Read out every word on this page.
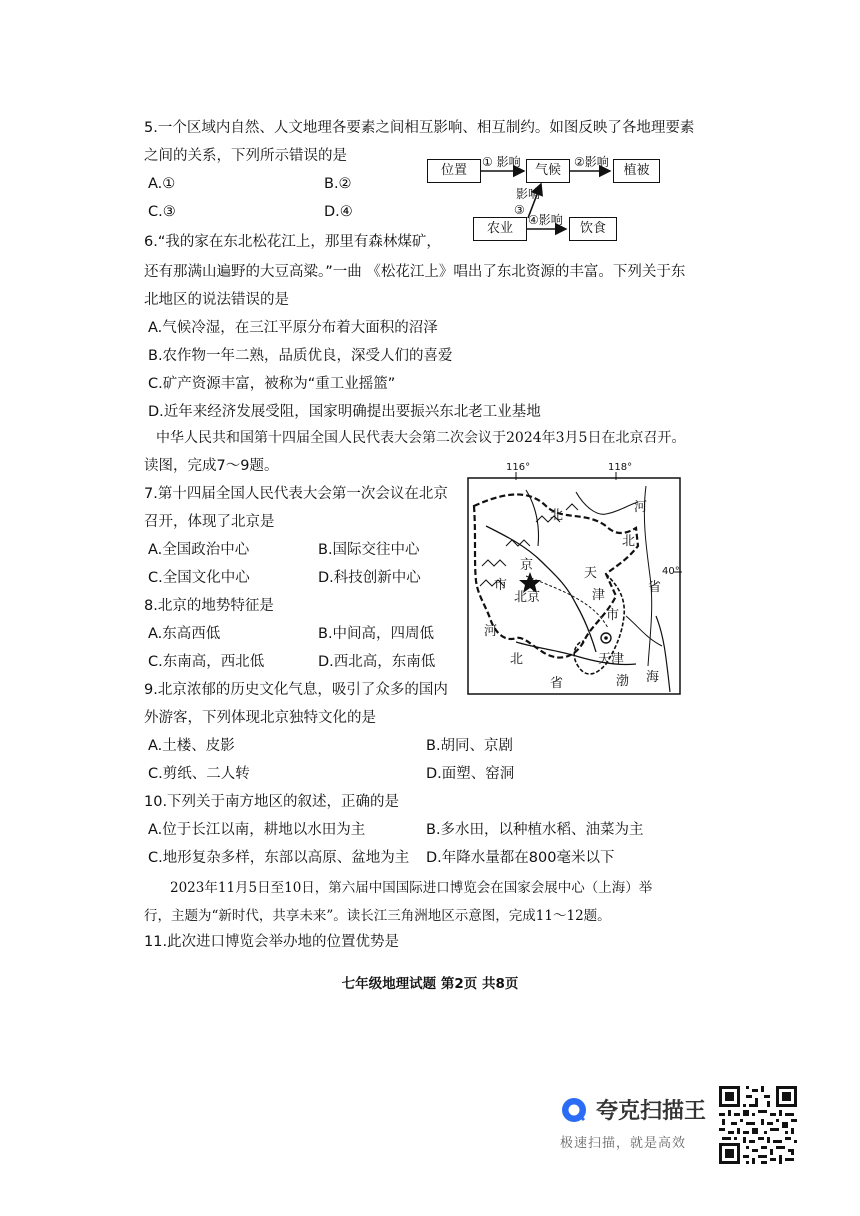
5.一个区域内自然、人文地理各要素之间相互影响、相互制约。如图反映了各地理要素
之间的关系，下列所示错误的是
A.①	B.②
C.③	D.④
位置	气候	植被
农业	饮食
① 影响	②影响
影响
③
④影响
6.“我的家在东北松花江上，那里有森林煤矿，
还有那满山遍野的大豆高粱。”一曲 《松花江上》唱出了东北资源的丰富。下列关于东
北地区的说法错误的是
A.气候冷湿，在三江平原分布着大面积的沼泽
B.农作物一年二熟，品质优良，深受人们的喜爱
C.矿产资源丰富，被称为“重工业摇篮”
D.近年来经济发展受阻，国家明确提出要振兴东北老工业基地
中华人民共和国第十四届全国人民代表大会第二次会议于2024年3月5日在北京召开。
读图，完成7～9题。
7.第十四届全国人民代表大会第一次会议在北京
召开，体现了北京是
A.全国政治中心	B.国际交往中心
C.全国文化中心	D.科技创新中心
8.北京的地势特征是
A.东高西低	B.中间高，四周低
C.东南高，西北低	D.西北高，东南低
116°	118°
40°
河
北
省
北
京
北京
市
天
津
市
河
北
省
天津
渤 海
9.北京浓郁的历史文化气息，吸引了众多的国内
外游客，下列体现北京独特文化的是
A.土楼、皮影	B.胡同、京剧
C.剪纸、二人转	D.面塑、窑洞
10.下列关于南方地区的叙述，正确的是
A.位于长江以南，耕地以水田为主	B.多水田，以种植水稻、油菜为主
C.地形复杂多样，东部以高原、盆地为主 D.年降水量都在800毫米以下
2023年11月5日至10日，第六届中国国际进口博览会在国家会展中心（上海）举
行，主题为“新时代，共享未来”。读长江三角洲地区示意图，完成11～12题。
11.此次进口博览会举办地的位置优势是
七年级地理试题 第2页 共8页
夸克扫描王
极速扫描，就是高效
